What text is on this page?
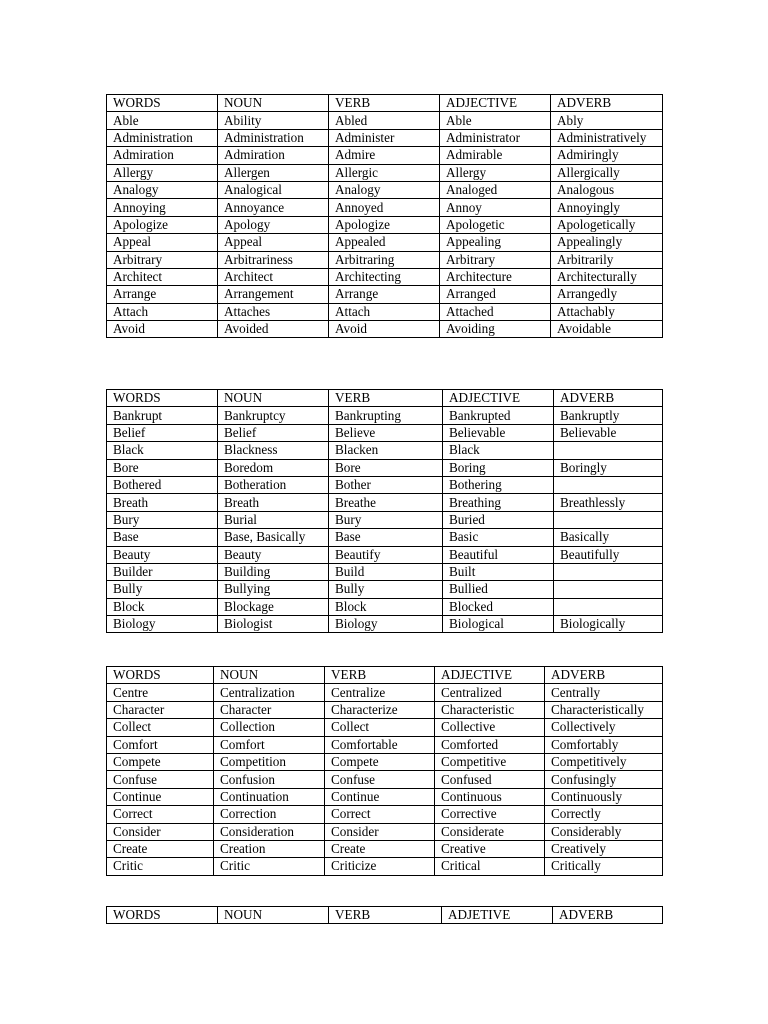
WORDS	NOUN	VERB	ADJECTIVE	ADVERB
Able	Ability	Abled	Able	Ably
Administration	Administration	Administer	Administrator	Administratively
Admiration	Admiration	Admire	Admirable	Admiringly
Allergy	Allergen	Allergic	Allergy	Allergically
Analogy	Analogical	Analogy	Analoged	Analogous
Annoying	Annoyance	Annoyed	Annoy	Annoyingly
Apologize	Apology	Apologize	Apologetic	Apologetically
Appeal	Appeal	Appealed	Appealing	Appealingly
Arbitrary	Arbitrariness	Arbitraring	Arbitrary	Arbitrarily
Architect	Architect	Architecting	Architecture	Architecturally
Arrange	Arrangement	Arrange	Arranged	Arrangedly
Attach	Attaches	Attach	Attached	Attachably
Avoid	Avoided	Avoid	Avoiding	Avoidable
WORDS	NOUN	VERB	ADJECTIVE	ADVERB
Bankrupt	Bankruptcy	Bankrupting	Bankrupted	Bankruptly
Belief	Belief	Believe	Believable	Believable
Black	Blackness	Blacken	Black	
Bore	Boredom	Bore	Boring	Boringly
Bothered	Botheration	Bother	Bothering	
Breath	Breath	Breathe	Breathing	Breathlessly
Bury	Burial	Bury	Buried	
Base	Base, Basically	Base	Basic	Basically
Beauty	Beauty	Beautify	Beautiful	Beautifully
Builder	Building	Build	Built	
Bully	Bullying	Bully	Bullied	
Block	Blockage	Block	Blocked	
Biology	Biologist	Biology	Biological	Biologically
WORDS	NOUN	VERB	ADJECTIVE	ADVERB
Centre	Centralization	Centralize	Centralized	Centrally
Character	Character	Characterize	Characteristic	Characteristically
Collect	Collection	Collect	Collective	Collectively
Comfort	Comfort	Comfortable	Comforted	Comfortably
Compete	Competition	Compete	Competitive	Competitively
Confuse	Confusion	Confuse	Confused	Confusingly
Continue	Continuation	Continue	Continuous	Continuously
Correct	Correction	Correct	Corrective	Correctly
Consider	Consideration	Consider	Considerate	Considerably
Create	Creation	Create	Creative	Creatively
Critic	Critic	Criticize	Critical	Critically
WORDS	NOUN	VERB	ADJETIVE	ADVERB
